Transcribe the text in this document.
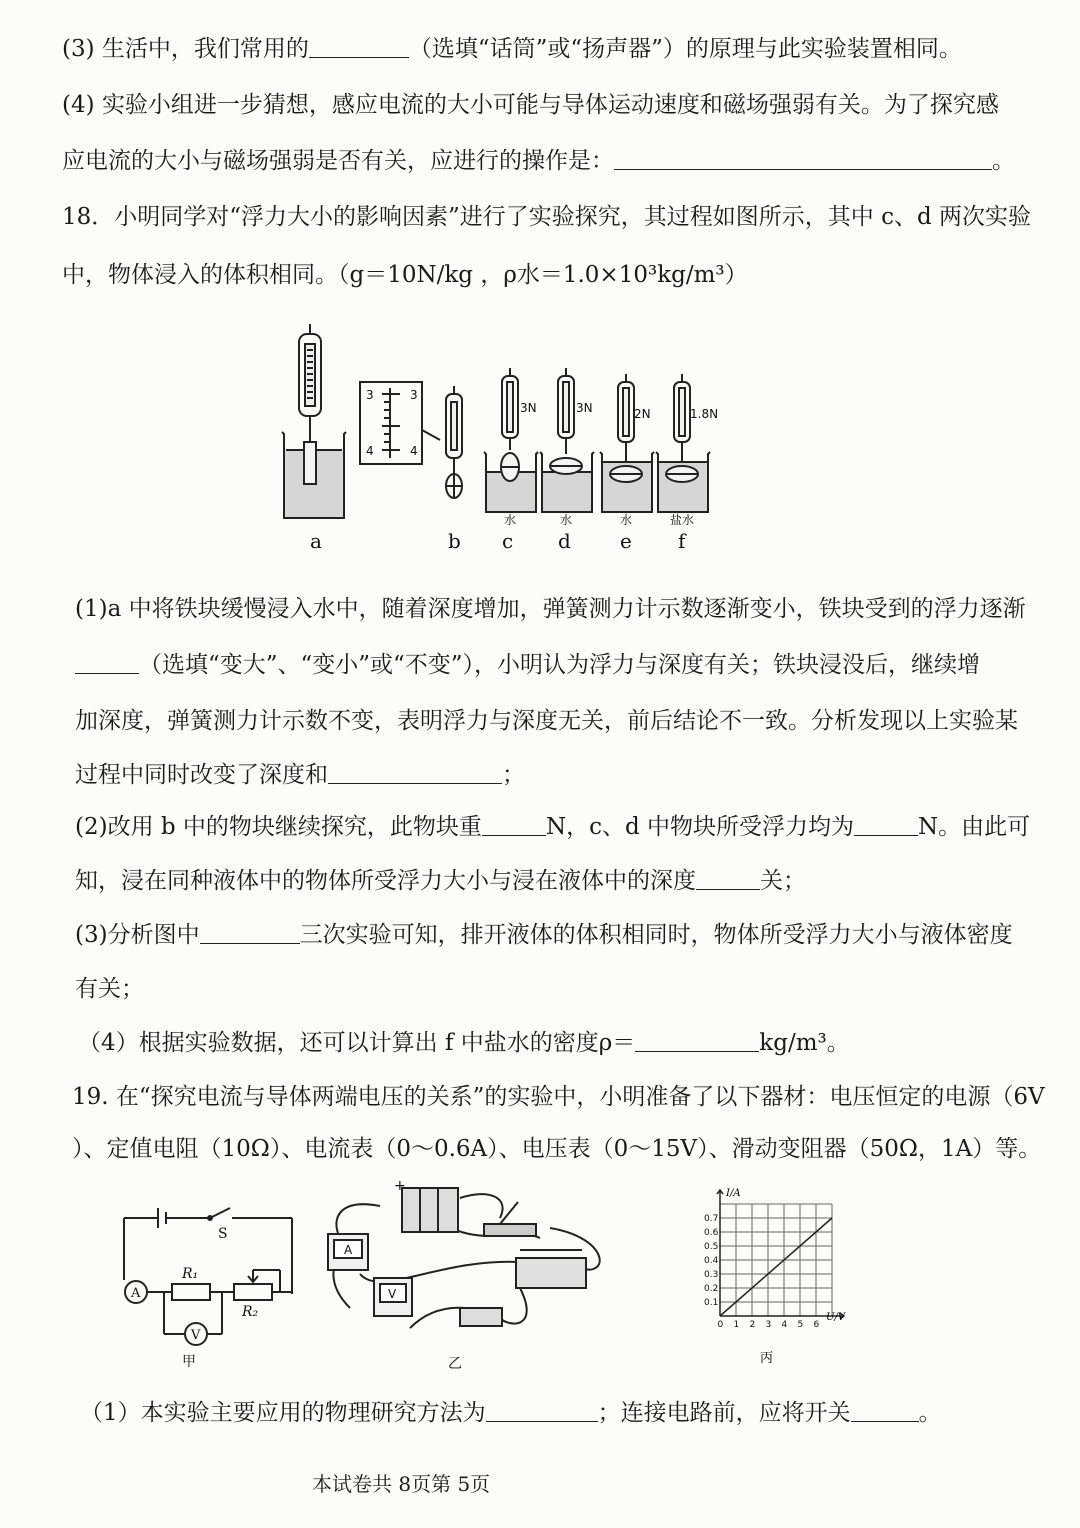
(3) 生活中，我们常用的	（选填“话筒”或“扬声器”）的原理与此实验装置相同。
(4) 实验小组进一步猜想，感应电流的大小可能与导体运动速度和磁场强弱有关。为了探究感
应电流的大小与磁场强弱是否有关，应进行的操作是：	。
18．小明同学对“浮力大小的影响因素”进行了实验探究，其过程如图所示，其中 c、d 两次实验
中，物体浸入的体积相同。（g＝10N/kg ，ρ水＝1.0×10³kg/m³）
3	3
4	4
3N	3N	2N	1.8N
水	水	水	盐水
a	b c d e f
(1)a 中将铁块缓慢浸入水中，随着深度增加，弹簧测力计示数逐渐变小，铁块受到的浮力逐渐
（选填“变大”、“变小”或“不变”），小明认为浮力与深度有关；铁块浸没后，继续增
加深度，弹簧测力计示数不变，表明浮力与深度无关，前后结论不一致。分析发现以上实验某
过程中同时改变了深度和	；
(2)改用 b 中的物块继续探究，此物块重	N，c、d 中物块所受浮力均为	N。由此可
知，浸在同种液体中的物体所受浮力大小与浸在液体中的深度	关；
(3)分析图中	三次实验可知，排开液体的体积相同时，物体所受浮力大小与液体密度
有关；
（4）根据实验数据，还可以计算出 f 中盐水的密度ρ＝	kg/m³。
19. 在“探究电流与导体两端电压的关系”的实验中，小明准备了以下器材：电压恒定的电源（6V
）、定值电阻（10Ω）、电流表（0～0.6A）、电压表（0～15V）、滑动变阻器（50Ω，1A）等。
S
A
R₁
R₂
V
甲
+
A
V
乙
0 1 2 3 4 5 6
0.1
0.2
0.3
0.4
0.5
0.6
0.7
I/A
U/V
丙
（1）本实验主要应用的物理研究方法为	；连接电路前，应将开关	。
本试卷共 8页第 5页
